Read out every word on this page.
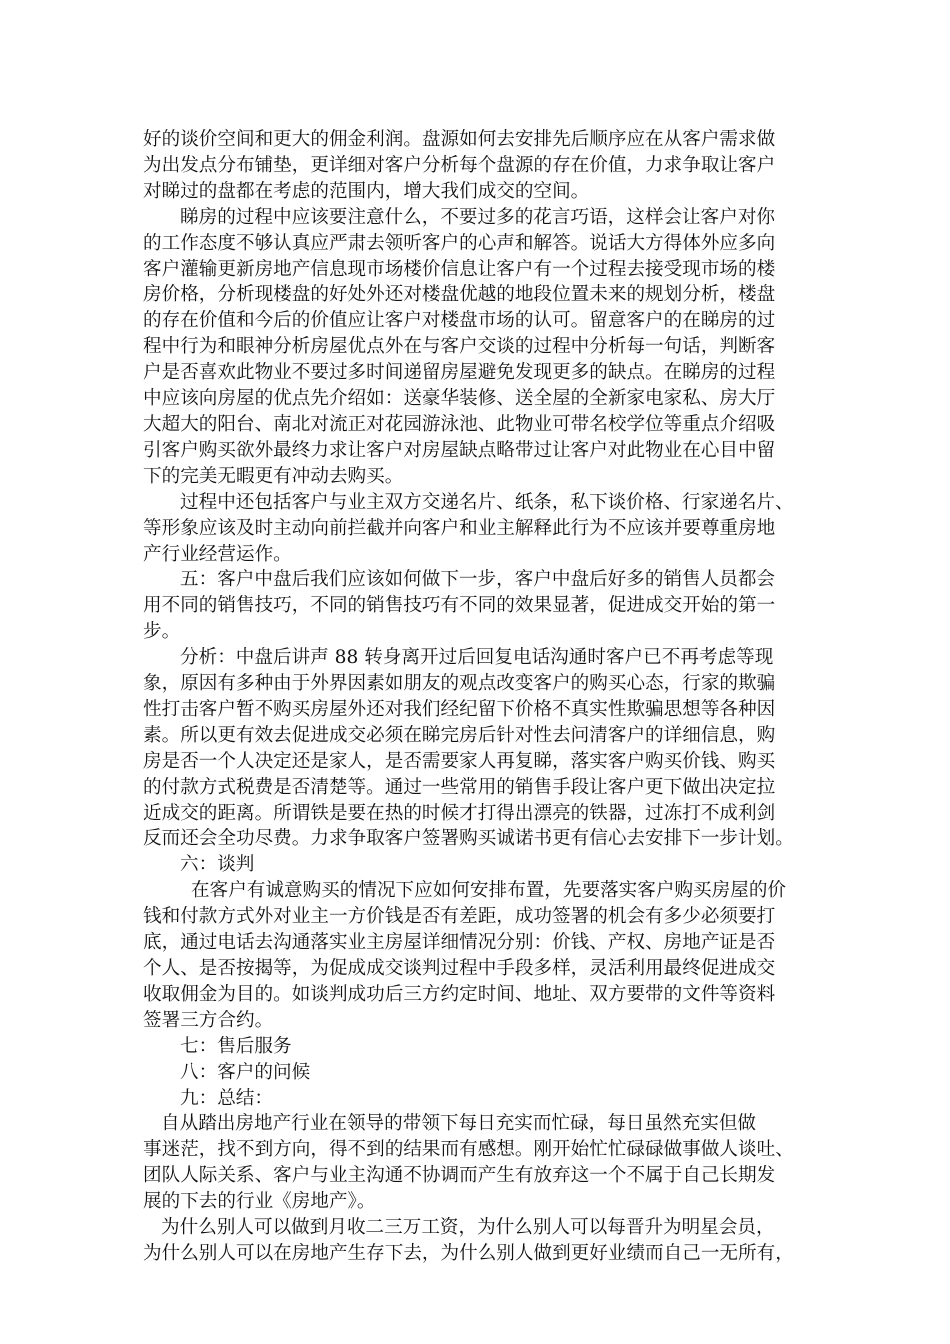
好的谈价空间和更大的佣金利润。盘源如何去安排先后顺序应在从客户需求做
为出发点分布铺垫，更详细对客户分析每个盘源的存在价值，力求争取让客户
对睇过的盘都在考虑的范围内，增大我们成交的空间。

睇房的过程中应该要注意什么，不要过多的花言巧语，这样会让客户对你
的工作态度不够认真应严肃去领听客户的心声和解答。说话大方得体外应多向
客户灌输更新房地产信息现市场楼价信息让客户有一个过程去接受现市场的楼
房价格，分析现楼盘的好处外还对楼盘优越的地段位置未来的规划分析，楼盘
的存在价值和今后的价值应让客户对楼盘市场的认可。留意客户的在睇房的过
程中行为和眼神分析房屋优点外在与客户交谈的过程中分析每一句话，判断客
户是否喜欢此物业不要过多时间递留房屋避免发现更多的缺点。在睇房的过程
中应该向房屋的优点先介绍如：送豪华装修、送全屋的全新家电家私、房大厅
大超大的阳台、南北对流正对花园游泳池、此物业可带名校学位等重点介绍吸
引客户购买欲外最终力求让客户对房屋缺点略带过让客户对此物业在心目中留
下的完美无暇更有冲动去购买。

过程中还包括客户与业主双方交递名片、纸条，私下谈价格、行家递名片、
等形象应该及时主动向前拦截并向客户和业主解释此行为不应该并要尊重房地
产行业经营运作。

五：客户中盘后我们应该如何做下一步，客户中盘后好多的销售人员都会
用不同的销售技巧，不同的销售技巧有不同的效果显著，促进成交开始的第一
步。

分析：中盘后讲声 88 转身离开过后回复电话沟通时客户已不再考虑等现
象，原因有多种由于外界因素如朋友的观点改变客户的购买心态，行家的欺骗
性打击客户暂不购买房屋外还对我们经纪留下价格不真实性欺骗思想等各种因
素。所以更有效去促进成交必须在睇完房后针对性去问清客户的详细信息，购
房是否一个人决定还是家人，是否需要家人再复睇，落实客户购买价钱、购买
的付款方式税费是否清楚等。通过一些常用的销售手段让客户更下做出决定拉
近成交的距离。所谓铁是要在热的时候才打得出漂亮的铁器，过冻打不成利剑
反而还会全功尽费。力求争取客户签署购买诚诺书更有信心去安排下一步计划。

六：谈判

在客户有诚意购买的情况下应如何安排布置，先要落实客户购买房屋的价
钱和付款方式外对业主一方价钱是否有差距，成功签署的机会有多少必须要打
底，通过电话去沟通落实业主房屋详细情况分别：价钱、产权、房地产证是否
个人、是否按揭等，为促成成交谈判过程中手段多样，灵活利用最终促进成交
收取佣金为目的。如谈判成功后三方约定时间、地址、双方要带的文件等资料
签署三方合约。

七：售后服务

八：客户的问候

九：总结：

自从踏出房地产行业在领导的带领下每日充实而忙碌，每日虽然充实但做
事迷茫，找不到方向，得不到的结果而有感想。刚开始忙忙碌碌做事做人谈吐、
团队人际关系、客户与业主沟通不协调而产生有放弃这一个不属于自己长期发
展的下去的行业《房地产》。

为什么别人可以做到月收二三万工资，为什么别人可以每晋升为明星会员，
为什么别人可以在房地产生存下去，为什么别人做到更好业绩而自己一无所有，
